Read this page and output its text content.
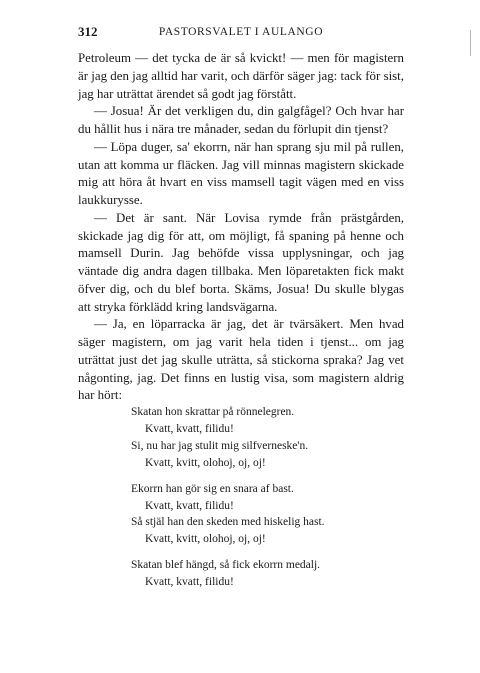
312	PASTORSVALET I AULANGO

Petroleum — det tycka de är så kvickt! — men för magistern är jag den jag alltid har varit, och därför säger jag: tack för sist, jag har uträttat ärendet så godt jag förstått.

— Josua! Är det verkligen du, din galgfågel? Och hvar har du hållit hus i nära tre månader, sedan du förlupit din tjenst?

— Löpa duger, sa' ekorrn, när han sprang sju mil på rullen, utan att komma ur fläcken. Jag vill minnas magistern skickade mig att höra åt hvart en viss mamsell tagit vägen med en viss laukkurysse.

— Det är sant. När Lovisa rymde från prästgården, skickade jag dig för att, om möjligt, få spaning på henne och mamsell Durin. Jag behöfde vissa upplysningar, och jag väntade dig andra dagen tillbaka. Men löparetakten fick makt öfver dig, och du blef borta. Skäms, Josua! Du skulle blygas att stryka förklädd kring landsvägarna.

— Ja, en löparracka är jag, det är tvärsäkert. Men hvad säger magistern, om jag varit hela tiden i tjenst... om jag uträttat just det jag skulle uträtta, så stickorna spraka? Jag vet någonting, jag. Det finns en lustig visa, som magistern aldrig har hört:

Skatan hon skrattar på rönnelegren.
Kvatt, kvatt, filidu!
Si, nu har jag stulit mig silfverneske'n.
Kvatt, kvitt, olohoj, oj, oj!
Ekorrn han gör sig en snara af bast.
Kvatt, kvatt, filidu!
Så stjäl han den skeden med hiskelig hast.
Kvatt, kvitt, olohoj, oj, oj!
Skatan blef hängd, så fick ekorrn medalj.
Kvatt, kvatt, filidu!
